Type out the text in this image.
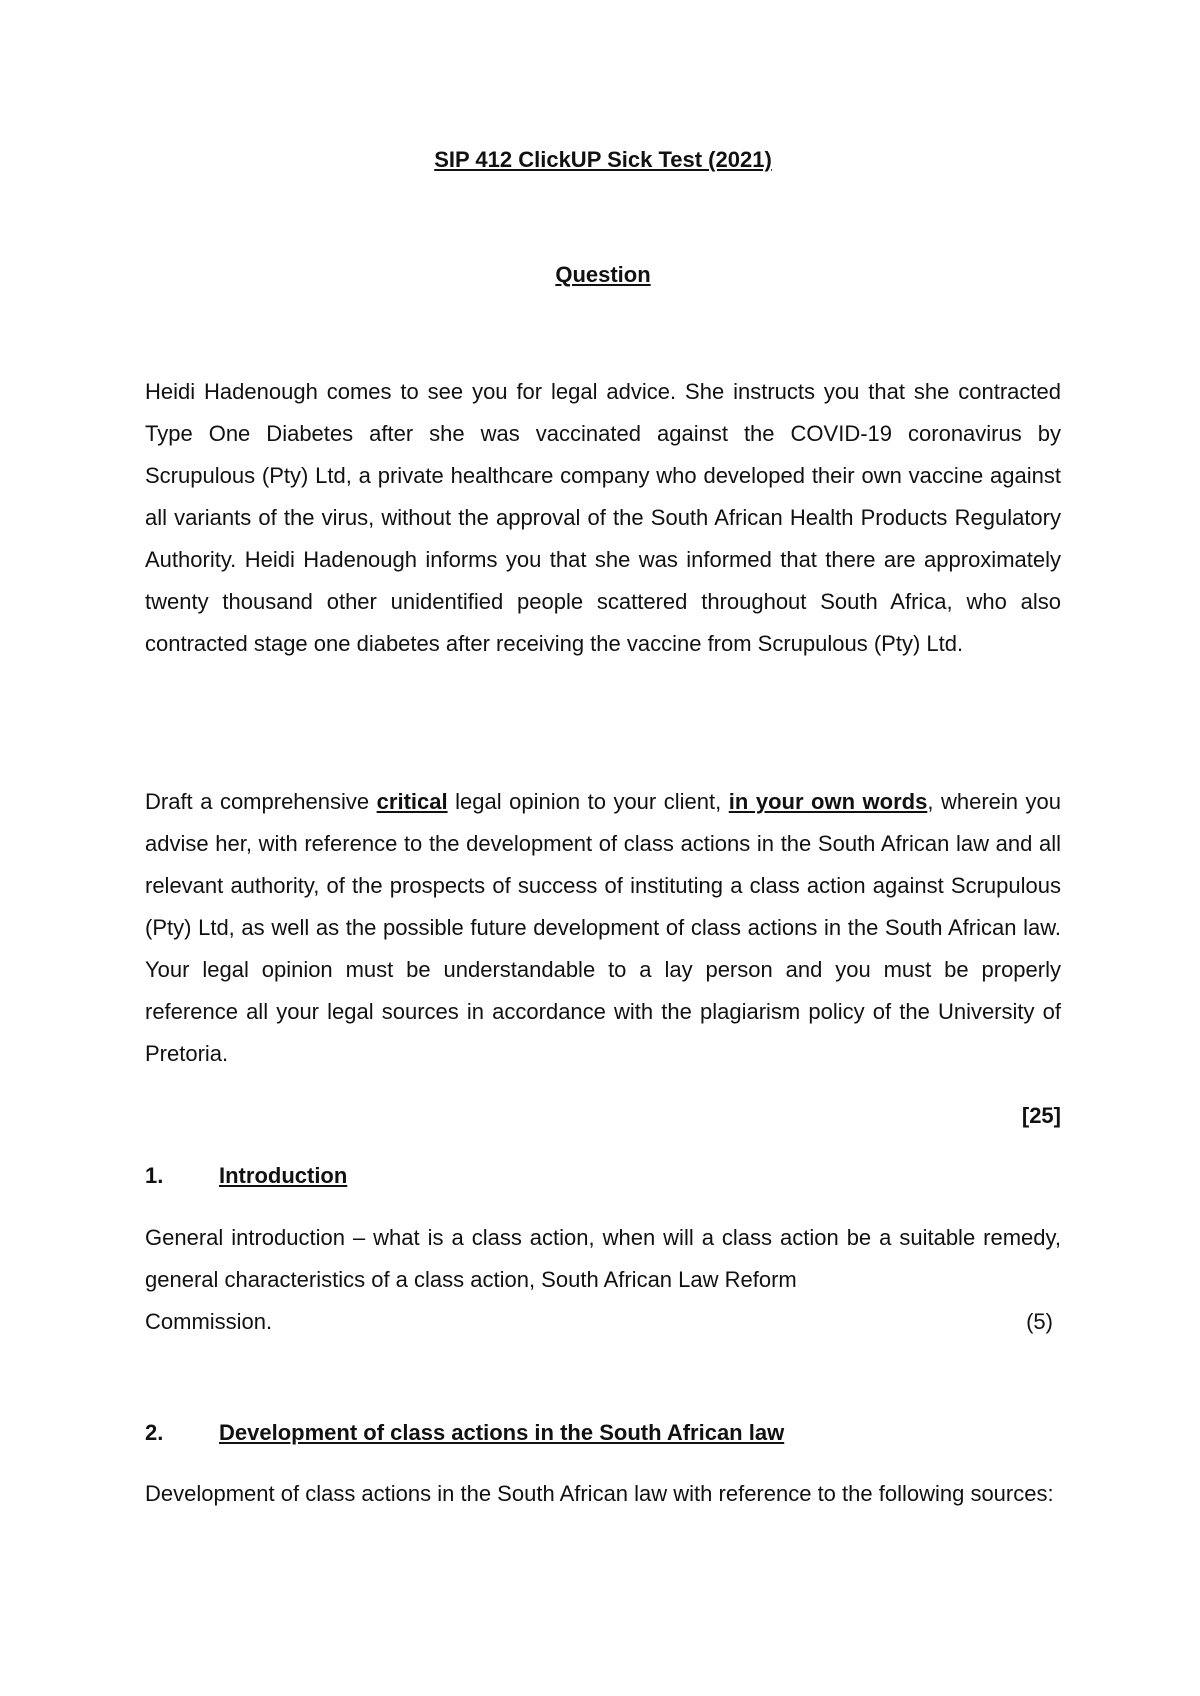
SIP 412 ClickUP Sick Test (2021)
Question

Heidi Hadenough comes to see you for legal advice. She instructs you that she contracted Type One Diabetes after she was vaccinated against the COVID-19 coronavirus by Scrupulous (Pty) Ltd, a private healthcare company who developed their own vaccine against all variants of the virus, without the approval of the South African Health Products Regulatory Authority. Heidi Hadenough informs you that she was informed that there are approximately twenty thousand other unidentified people scattered throughout South Africa, who also contracted stage one diabetes after receiving the vaccine from Scrupulous (Pty) Ltd.

Draft a comprehensive critical legal opinion to your client, in your own words, wherein you advise her, with reference to the development of class actions in the South African law and all relevant authority, of the prospects of success of instituting a class action against Scrupulous (Pty) Ltd, as well as the possible future development of class actions in the South African law. Your legal opinion must be understandable to a lay person and you must be properly reference all your legal sources in accordance with the plagiarism policy of the University of Pretoria.

[25]
1.	Introduction
General introduction – what is a class action, when will a class action be a suitable remedy, general characteristics of a class action, South African Law Reform
Commission.	(5)
2.	Development of class actions in the South African law

Development of class actions in the South African law with reference to the following sources:
